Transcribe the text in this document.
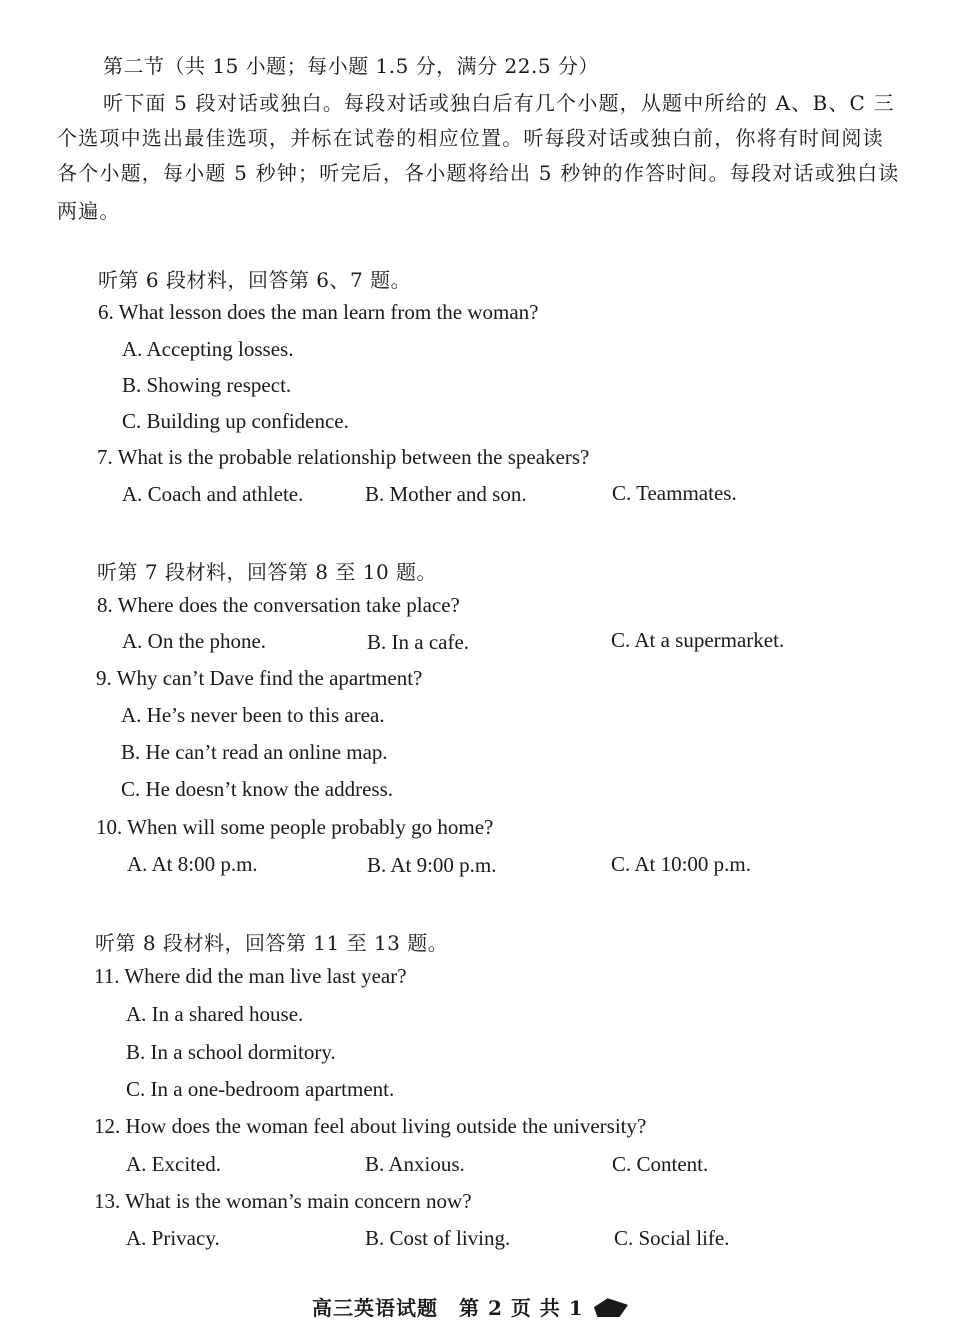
第二节（共 15 小题；每小题 1.5 分，满分 22.5 分）
听下面 5 段对话或独白。每段对话或独白后有几个小题，从题中所给的 A、B、C 三
个选项中选出最佳选项，并标在试卷的相应位置。听每段对话或独白前，你将有时间阅读
各个小题，每小题 5 秒钟；听完后，各小题将给出 5 秒钟的作答时间。每段对话或独白读
两遍。
听第 6 段材料，回答第 6、7 题。
6. What lesson does the man learn from the woman?
A. Accepting losses.
B. Showing respect.
C. Building up confidence.
7. What is the probable relationship between the speakers?
A. Coach and athlete.	B. Mother and son.	C. Teammates.
听第 7 段材料，回答第 8 至 10 题。
8. Where does the conversation take place?
A. On the phone.	B. In a cafe.	C. At a supermarket.
9. Why can’t Dave find the apartment?
A. He’s never been to this area.
B. He can’t read an online map.
C. He doesn’t know the address.
10. When will some people probably go home?
A. At 8:00 p.m.	B. At 9:00 p.m.	C. At 10:00 p.m.
听第 8 段材料，回答第 11 至 13 题。
11. Where did the man live last year?
A. In a shared house.
B. In a school dormitory.
C. In a one-bedroom apartment.
12. How does the woman feel about living outside the university?
A. Excited.	B. Anxious.	C. Content.
13. What is the woman’s main concern now?
A. Privacy.	B. Cost of living.	C. Social life.
高三英语试题　第 2 页 共 1
